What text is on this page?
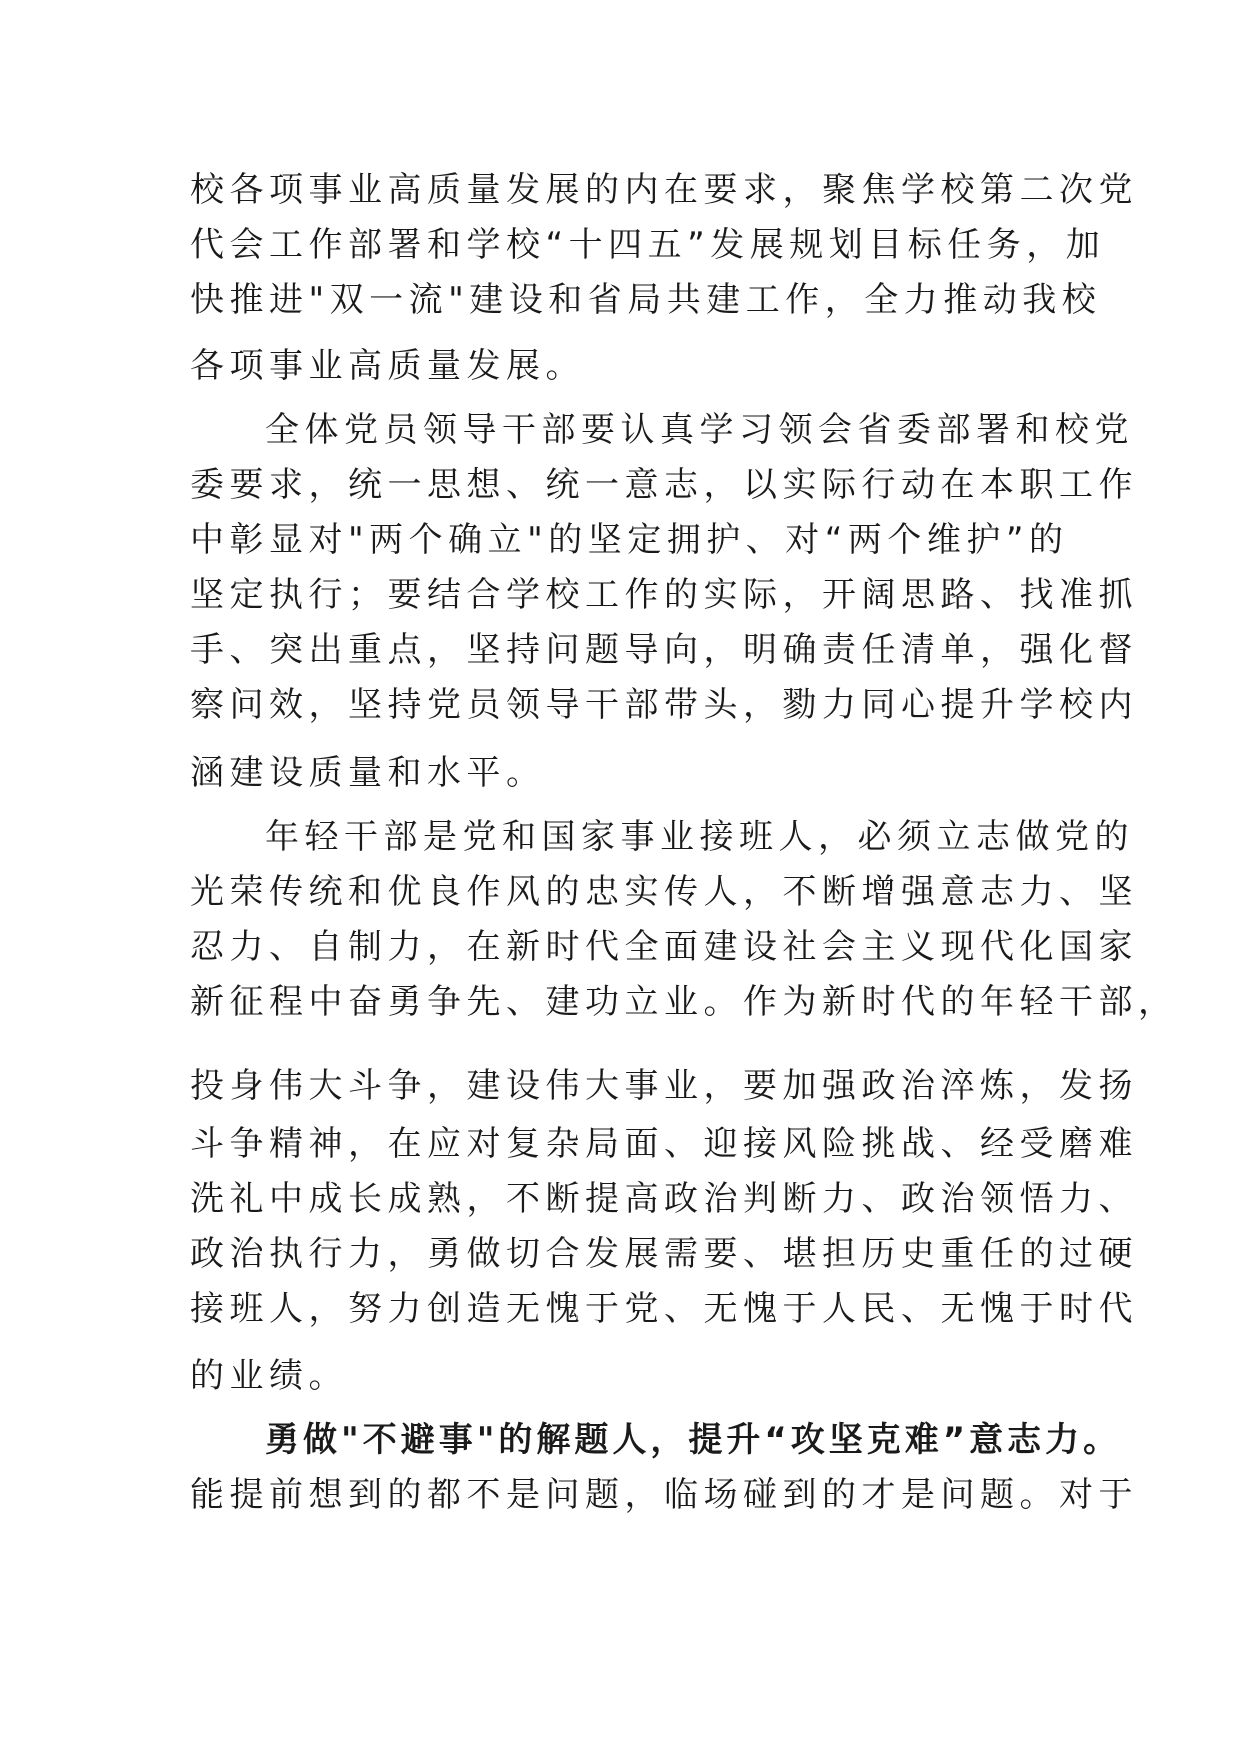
校各项事业高质量发展的内在要求，聚焦学校第二次党
代会工作部署和学校“十四五”发展规划目标任务，加
快推进"双一流"建设和省局共建工作，全力推动我校
各项事业高质量发展。
全体党员领导干部要认真学习领会省委部署和校党
委要求，统一思想、统一意志，以实际行动在本职工作
中彰显对"两个确立"的坚定拥护、对“两个维护”的
坚定执行；要结合学校工作的实际，开阔思路、找准抓
手、突出重点，坚持问题导向，明确责任清单，强化督
察问效，坚持党员领导干部带头，勠力同心提升学校内
涵建设质量和水平。
年轻干部是党和国家事业接班人，必须立志做党的
光荣传统和优良作风的忠实传人，不断增强意志力、坚
忍力、自制力，在新时代全面建设社会主义现代化国家
新征程中奋勇争先、建功立业。作为新时代的年轻干部，
投身伟大斗争，建设伟大事业，要加强政治淬炼，发扬
斗争精神，在应对复杂局面、迎接风险挑战、经受磨难
洗礼中成长成熟，不断提高政治判断力、政治领悟力、
政治执行力，勇做切合发展需要、堪担历史重任的过硬
接班人，努力创造无愧于党、无愧于人民、无愧于时代
的业绩。
勇做"不避事"的解题人，提升“攻坚克难”意志力。
能提前想到的都不是问题，临场碰到的才是问题。对于
